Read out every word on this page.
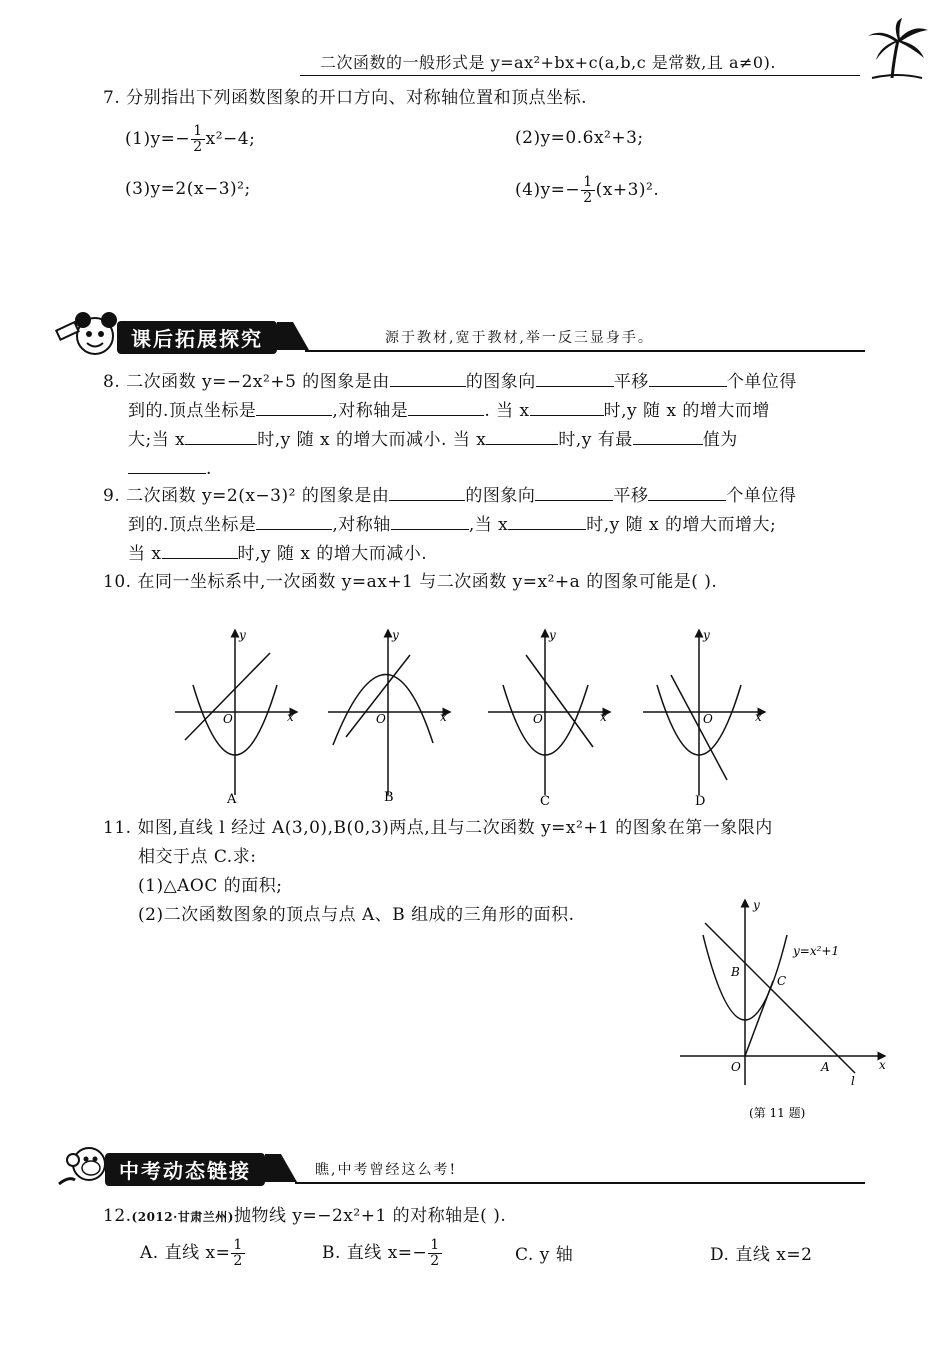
二次函数的一般形式是 y=ax²+bx+c(a,b,c 是常数,且 a≠0).
7. 分别指出下列函数图象的开口方向、对称轴位置和顶点坐标.
$(1)y=- \frac{1}{2} x^2-4$;	(2)y=0.6x²+3;
(3)y=2(x−3)²;	$(4)y=- \frac{1}{2} (x+3)^2$.
课后拓展探究	源于教材,宽于教材,举一反三显身手。
8. 二次函数 y=−2x²+5 的图象是由	的图象向	平移	个单位得
到的.顶点坐标是	,对称轴是	. 当 x	时,y 随 x 的增大而增
大;当 x	时,y 随 x 的增大而减小. 当 x	时,y 有最	值为
.
9. 二次函数 y=2(x−3)² 的图象是由	的图象向	平移	个单位得
到的.顶点坐标是	,对称轴	,当 x	时,y 随 x 的增大而增大;
当 x	时,y 随 x 的增大而减小.
10. 在同一坐标系中,一次函数 y=ax+1 与二次函数 y=x²+a 的图象可能是( ).
y
x
O
A
y
x
O
B
y
x
O
C
y
x
O
D
11. 如图,直线 l 经过 A(3,0),B(0,3)两点,且与二次函数 y=x²+1 的图象在第一象限内
相交于点 C.求:
(1)△AOC 的面积;
(2)二次函数图象的顶点与点 A、B 组成的三角形的面积.	y
x
O
B
C
A
l
y=x²+1
(第 11 题)
中考动态链接	瞧,中考曾经这么考!
12.(2012·甘肃兰州)抛物线 y=−2x²+1 的对称轴是( ).
A. 直线 $x= \frac{1}{2}$	B. 直线 $x=- \frac{1}{2}$	C. y 轴	D. 直线 x=2
